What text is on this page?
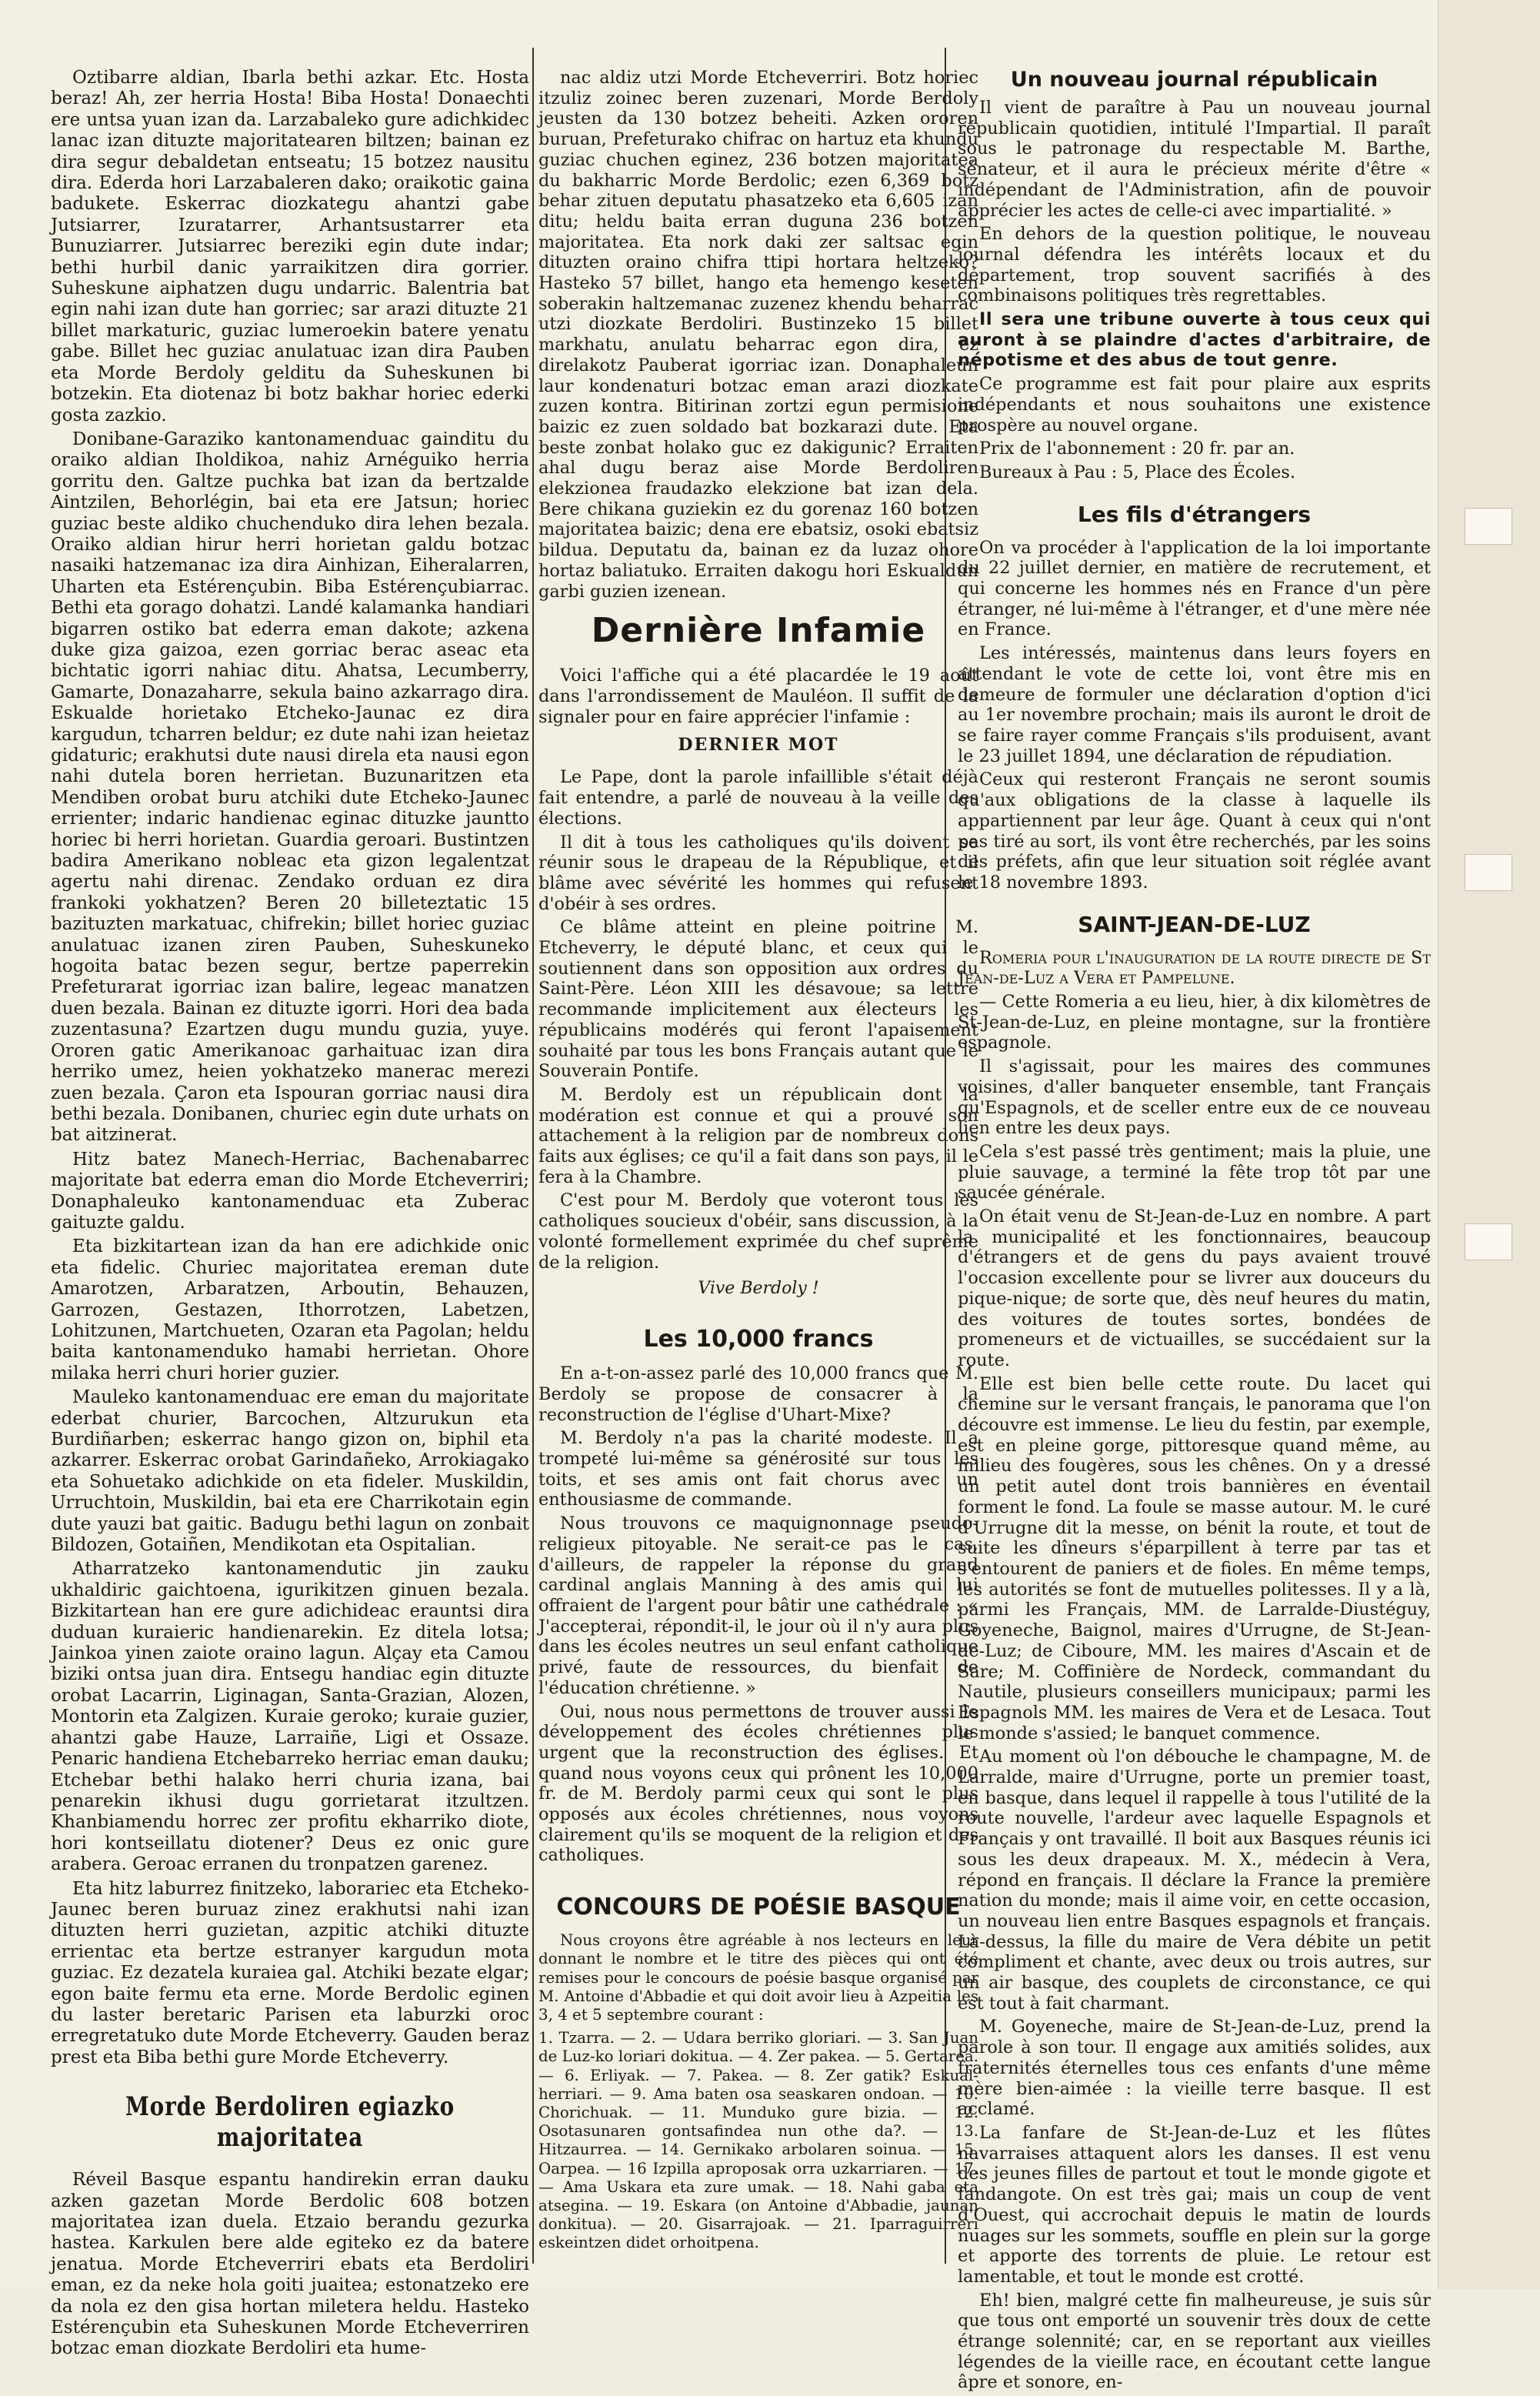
Oztibarre aldian, Ibarla bethi azkar. Etc. Hosta beraz! Ah, zer herria Hosta! Biba Hosta! Donaechti ere untsa yuan izan da. Larzabaleko gure adichkidec lanac izan dituzte majoritatearen biltzen; bainan ez dira segur debaldetan entseatu; 15 botzez nausitu dira. Ederda hori Larzabaleren dako; oraikotic gaina badukete. Eskerrac diozkategu ahantzi gabe Jutsiarrer, Izuratarrer, Arhantsustarrer eta Bunuziarrer. Jutsiarrec bereziki egin dute indar; bethi hurbil danic yarraikitzen dira gorrier. Suheskune aiphatzen dugu undarric. Balentria bat egin nahi izan dute han gorriec; sar arazi dituzte 21 billet markaturic, guziac lumeroekin batere yenatu gabe. Billet hec guziac anulatuac izan dira Pauben eta Morde Berdoly gelditu da Suheskunen bi botzekin. Eta diotenaz bi botz bakhar horiec ederki gosta zazkio.

Donibane-Garaziko kantonamenduac gainditu du oraiko aldian Iholdikoa, nahiz Arnéguiko herria gorritu den. Galtze puchka bat izan da bertzalde Aintzilen, Behorlégin, bai eta ere Jatsun; horiec guziac beste aldiko chuchenduko dira lehen bezala. Oraiko aldian hirur herri horietan galdu botzac nasaiki hatzemanac iza dira Ainhizan, Eiheralarren, Uharten eta Estérençubin. Biba Estérençubiarrac. Bethi eta gorago dohatzi. Landé kalamanka handiari bigarren ostiko bat ederra eman dakote; azkena duke giza gaizoa, ezen gorriac berac aseac eta bichtatic igorri nahiac ditu. Ahatsa, Lecumberry, Gamarte, Donazaharre, sekula baino azkarrago dira. Eskualde horietako Etcheko-Jaunac ez dira kargudun, tcharren beldur; ez dute nahi izan heietaz gidaturic; erakhutsi dute nausi direla eta nausi egon nahi dutela boren herrietan. Buzunaritzen eta Mendiben orobat buru atchiki dute Etcheko-Jaunec errienter; indaric handienac eginac dituzke jauntto horiec bi herri horietan. Guardia geroari. Bustintzen badira Amerikano nobleac eta gizon legalentzat agertu nahi direnac. Zendako orduan ez dira frankoki yokhatzen? Beren 20 billeteztatic 15 bazituzten markatuac, chifrekin; billet horiec guziac anulatuac izanen ziren Pauben, Suheskuneko hogoita batac bezen segur, bertze paperrekin Prefeturarat igorriac izan balire, legeac manatzen duen bezala. Bainan ez dituzte igorri. Hori dea bada zuzentasuna? Ezartzen dugu mundu guzia, yuye. Ororen gatic Amerikanoac garhaituac izan dira herriko umez, heien yokhatzeko manerac merezi zuen bezala. Çaron eta Ispouran gorriac nausi dira bethi bezala. Donibanen, churiec egin dute urhats on bat aitzinerat.

Hitz batez Manech-Herriac, Bachenabarrec majoritate bat ederra eman dio Morde Etcheverriri; Donaphaleuko kantonamenduac eta Zuberac gaituzte galdu.

Eta bizkitartean izan da han ere adichkide onic eta fidelic. Churiec majoritatea ereman dute Amarotzen, Arbaratzen, Arboutin, Behauzen, Garrozen, Gestazen, Ithorrotzen, Labetzen, Lohitzunen, Martchueten, Ozaran eta Pagolan; heldu baita kantonamenduko hamabi herrietan. Ohore milaka herri churi horier guzier.

Mauleko kantonamenduac ere eman du majoritate ederbat churier, Barcochen, Altzurukun eta Burdiñarben; eskerrac hango gizon on, biphil eta azkarrer. Eskerrac orobat Garindañeko, Arrokiagako eta Sohuetako adichkide on eta fideler. Muskildin, Urruchtoin, Muskildin, bai eta ere Charrikotain egin dute yauzi bat gaitic. Badugu bethi lagun on zonbait Bildozen, Gotaiñen, Mendikotan eta Ospitalian.

Atharratzeko kantonamendutic jin zauku ukhaldiric gaichtoena, igurikitzen ginuen bezala. Bizkitartean han ere gure adichideac erauntsi dira duduan kuraieric handienarekin. Ez ditela lotsa; Jainkoa yinen zaiote oraino lagun. Alçay eta Camou biziki ontsa juan dira. Entsegu handiac egin dituzte orobat Lacarrin, Liginagan, Santa-Grazian, Alozen, Montorin eta Zalgizen. Kuraie geroko; kuraie guzier, ahantzi gabe Hauze, Larraiñe, Ligi et Ossaze. Penaric handiena Etchebarreko herriac eman dauku; Etchebar bethi halako herri churia izana, bai penarekin ikhusi dugu gorrietarat itzultzen. Khanbiamendu horrec zer profitu ekharriko diote, hori kontseillatu diotener? Deus ez onic gure arabera. Geroac erranen du tronpatzen garenez.

Eta hitz laburrez finitzeko, laborariec eta Etcheko-Jaunec beren buruaz zinez erakhutsi nahi izan dituzten herri guzietan, azpitic atchiki dituzte errientac eta bertze estranyer kargudun mota guziac. Ez dezatela kuraiea gal. Atchiki bezate elgar; egon baite fermu eta erne. Morde Berdolic eginen du laster beretaric Parisen eta laburzki oroc erregretatuko dute Morde Etcheverry. Gauden beraz prest eta Biba bethi gure Morde Etcheverry.

Morde Berdoliren egiazko majoritatea

Réveil Basque espantu handirekin erran dauku azken gazetan Morde Berdolic 608 botzen majoritatea izan duela. Etzaio berandu gezurka hastea. Karkulen bere alde egiteko ez da batere jenatua. Morde Etcheverriri ebats eta Berdoliri eman, ez da neke hola goiti juaitea; estonatzeko ere da nola ez den gisa hortan miletera heldu. Hasteko Estérençubin eta Suheskunen Morde Etcheverriren botzac eman diozkate Berdoliri eta hume-

nac aldiz utzi Morde Etcheverriri. Botz horiec itzuliz zoinec beren zuzenari, Morde Berdoly jeusten da 130 botzez beheiti. Azken ororen buruan, Prefeturako chifrac on hartuz eta khundu guziac chuchen eginez, 236 botzen majoritatea du bakharric Morde Berdolic; ezen 6,369 botz behar zituen deputatu phasatzeko eta 6,605 izan ditu; heldu baita erran duguna 236 botzen majoritatea. Eta nork daki zer saltsac egin dituzten oraino chifra ttipi hortara heltzeko? Hasteko 57 billet, hango eta hemengo keseten soberakin haltzemanac zuzenez khendu beharrac utzi diozkate Berdoliri. Bustinzeko 15 billet markhatu, anulatu beharrac egon dira, ez direlakotz Pauberat igorriac izan. Donaphaleun laur kondenaturi botzac eman arazi diozkate zuzen kontra. Bitirinan zortzi egun permisione baizic ez zuen soldado bat bozkarazi dute. Eta beste zonbat holako guc ez dakigunic? Erraiten ahal dugu beraz aise Morde Berdoliren elekzionea fraudazko elekzione bat izan dela. Bere chikana guziekin ez du gorenaz 160 botzen majoritatea baizic; dena ere ebatsiz, osoki ebatsiz bildua. Deputatu da, bainan ez da luzaz ohore hortaz baliatuko. Erraiten dakogu hori Eskualdun garbi guzien izenean.

Dernière Infamie

Voici l'affiche qui a été placardée le 19 août dans l'arrondissement de Mauléon. Il suffit de la signaler pour en faire apprécier l'infamie :

DERNIER MOT

Le Pape, dont la parole infaillible s'était déjà fait entendre, a parlé de nouveau à la veille des élections.

Il dit à tous les catholiques qu'ils doivent se réunir sous le drapeau de la République, et il blâme avec sévérité les hommes qui refusent d'obéir à ses ordres.

Ce blâme atteint en pleine poitrine M. Etcheverry, le député blanc, et ceux qui le soutiennent dans son opposition aux ordres du Saint-Père. Léon XIII les désavoue; sa lettre recommande implicitement aux électeurs les républicains modérés qui feront l'apaisement souhaité par tous les bons Français autant que le Souverain Pontife.

M. Berdoly est un républicain dont la modération est connue et qui a prouvé son attachement à la religion par de nombreux dons faits aux églises; ce qu'il a fait dans son pays, il le fera à la Chambre.

C'est pour M. Berdoly que voteront tous les catholiques soucieux d'obéir, sans discussion, à la volonté formellement exprimée du chef suprême de la religion.

Vive Berdoly !
Les 10,000 francs

En a-t-on-assez parlé des 10,000 francs que M. Berdoly se propose de consacrer à la reconstruction de l'église d'Uhart-Mixe?

M. Berdoly n'a pas la charité modeste. Il a trompeté lui-même sa générosité sur tous les toits, et ses amis ont fait chorus avec un enthousiasme de commande.

Nous trouvons ce maquignonnage pseudo-religieux pitoyable. Ne serait-ce pas le cas, d'ailleurs, de rappeler la réponse du grand cardinal anglais Manning à des amis qui lui offraient de l'argent pour bâtir une cathédrale : « J'accepterai, répondit-il, le jour où il n'y aura plus dans les écoles neutres un seul enfant catholique privé, faute de ressources, du bienfait de l'éducation chrétienne. »

Oui, nous nous permettons de trouver aussi le développement des écoles chrétiennes plus urgent que la reconstruction des églises. Et quand nous voyons ceux qui prônent les 10,000 fr. de M. Berdoly parmi ceux qui sont le plus opposés aux écoles chrétiennes, nous voyons clairement qu'ils se moquent de la religion et des catholiques.

CONCOURS DE POÉSIE BASQUE

Nous croyons être agréable à nos lecteurs en leur donnant le nombre et le titre des pièces qui ont été remises pour le concours de poésie basque organisé par M. Antoine d'Abbadie et qui doit avoir lieu à Azpeitia les 3, 4 et 5 septembre courant :

1. Tzarra. — 2. — Udara berriko gloriari. — 3. San Juan de Luz-ko loriari dokitua. — 4. Zer pakea. — 5. Gertarea. — 6. Erliyak. — 7. Pakea. — 8. Zer gatik? Eskual-herriari. — 9. Ama baten osa seaskaren ondoan. — 10. Chorichuak. — 11. Munduko gure bizia. — 12. Osotasunaren gontsafindea nun othe da?. — 13. Hitzaurrea. — 14. Gernikako arbolaren soinua. — 15. Oarpea. — 16 Izpilla aproposak orra uzkarriaren. — 17. — Ama Uskara eta zure umak. — 18. Nahi gaba eta atsegina. — 19. Eskara (on Antoine d'Abbadie, jaunan donkitua). — 20. Gisarrajoak. — 21. Iparraguirreri eskeintzen didet orhoitpena.

Un nouveau journal républicain

Il vient de paraître à Pau un nouveau journal républicain quotidien, intitulé l'Impartial. Il paraît sous le patronage du respectable M. Barthe, sénateur, et il aura le précieux mérite d'être « indépendant de l'Administration, afin de pouvoir apprécier les actes de celle-ci avec impartialité. »

En dehors de la question politique, le nouveau journal défendra les intérêts locaux et du département, trop souvent sacrifiés à des combinaisons politiques très regrettables.

Il sera une tribune ouverte à tous ceux qui auront à se plaindre d'actes d'arbitraire, de népotisme et des abus de tout genre.

Ce programme est fait pour plaire aux esprits indépendants et nous souhaitons une existence prospère au nouvel organe.

Prix de l'abonnement : 20 fr. par an.

Bureaux à Pau : 5, Place des Écoles.

Les fils d'étrangers

On va procéder à l'application de la loi importante du 22 juillet dernier, en matière de recrutement, et qui concerne les hommes nés en France d'un père étranger, né lui-même à l'étranger, et d'une mère née en France.

Les intéressés, maintenus dans leurs foyers en attendant le vote de cette loi, vont être mis en demeure de formuler une déclaration d'option d'ici au 1er novembre prochain; mais ils auront le droit de se faire rayer comme Français s'ils produisent, avant le 23 juillet 1894, une déclaration de répudiation.

Ceux qui resteront Français ne seront soumis qu'aux obligations de la classe à laquelle ils appartiennent par leur âge. Quant à ceux qui n'ont pas tiré au sort, ils vont être recherchés, par les soins des préfets, afin que leur situation soit réglée avant le 18 novembre 1893.

SAINT-JEAN-DE-LUZ

Romeria pour l'inauguration de la route directe de St Jean-de-Luz a Vera et Pampelune.

— Cette Romeria a eu lieu, hier, à dix kilomètres de St-Jean-de-Luz, en pleine montagne, sur la frontière espagnole.

Il s'agissait, pour les maires des communes voisines, d'aller banqueter ensemble, tant Français qu'Espagnols, et de sceller entre eux de ce nouveau lien entre les deux pays.

Cela s'est passé très gentiment; mais la pluie, une pluie sauvage, a terminé la fête trop tôt par une saucée générale.

On était venu de St-Jean-de-Luz en nombre. A part la municipalité et les fonctionnaires, beaucoup d'étrangers et de gens du pays avaient trouvé l'occasion excellente pour se livrer aux douceurs du pique-nique; de sorte que, dès neuf heures du matin, des voitures de toutes sortes, bondées de promeneurs et de victuailles, se succédaient sur la route.

Elle est bien belle cette route. Du lacet qui chemine sur le versant français, le panorama que l'on découvre est immense. Le lieu du festin, par exemple, est en pleine gorge, pittoresque quand même, au milieu des fougères, sous les chênes. On y a dressé un petit autel dont trois bannières en éventail forment le fond. La foule se masse autour. M. le curé d'Urrugne dit la messe, on bénit la route, et tout de suite les dîneurs s'éparpillent à terre par tas et s'entourent de paniers et de fioles. En même temps, les autorités se font de mutuelles politesses. Il y a là, parmi les Français, MM. de Larralde-Diustéguy, Goyeneche, Baignol, maires d'Urrugne, de St-Jean-de-Luz; de Ciboure, MM. les maires d'Ascain et de Sare; M. Coffinière de Nordeck, commandant du Nautile, plusieurs conseillers municipaux; parmi les Espagnols MM. les maires de Vera et de Lesaca. Tout le monde s'assied; le banquet commence.

Au moment où l'on débouche le champagne, M. de Larralde, maire d'Urrugne, porte un premier toast, en basque, dans lequel il rappelle à tous l'utilité de la route nouvelle, l'ardeur avec laquelle Espagnols et Français y ont travaillé. Il boit aux Basques réunis ici sous les deux drapeaux. M. X., médecin à Vera, répond en français. Il déclare la France la première nation du monde; mais il aime voir, en cette occasion, un nouveau lien entre Basques espagnols et français. Là-dessus, la fille du maire de Vera débite un petit compliment et chante, avec deux ou trois autres, sur un air basque, des couplets de circonstance, ce qui est tout à fait charmant.

M. Goyeneche, maire de St-Jean-de-Luz, prend la parole à son tour. Il engage aux amitiés solides, aux fraternités éternelles tous ces enfants d'une même mère bien-aimée : la vieille terre basque. Il est acclamé.

La fanfare de St-Jean-de-Luz et les flûtes navarraises attaquent alors les danses. Il est venu des jeunes filles de partout et tout le monde gigote et fandangote. On est très gai; mais un coup de vent d'Ouest, qui accrochait depuis le matin de lourds nuages sur les sommets, souffle en plein sur la gorge et apporte des torrents de pluie. Le retour est lamentable, et tout le monde est crotté.

Eh! bien, malgré cette fin malheureuse, je suis sûr que tous ont emporté un souvenir très doux de cette étrange solennité; car, en se reportant aux vieilles légendes de la vieille race, en écoutant cette langue âpre et sonore, en-
